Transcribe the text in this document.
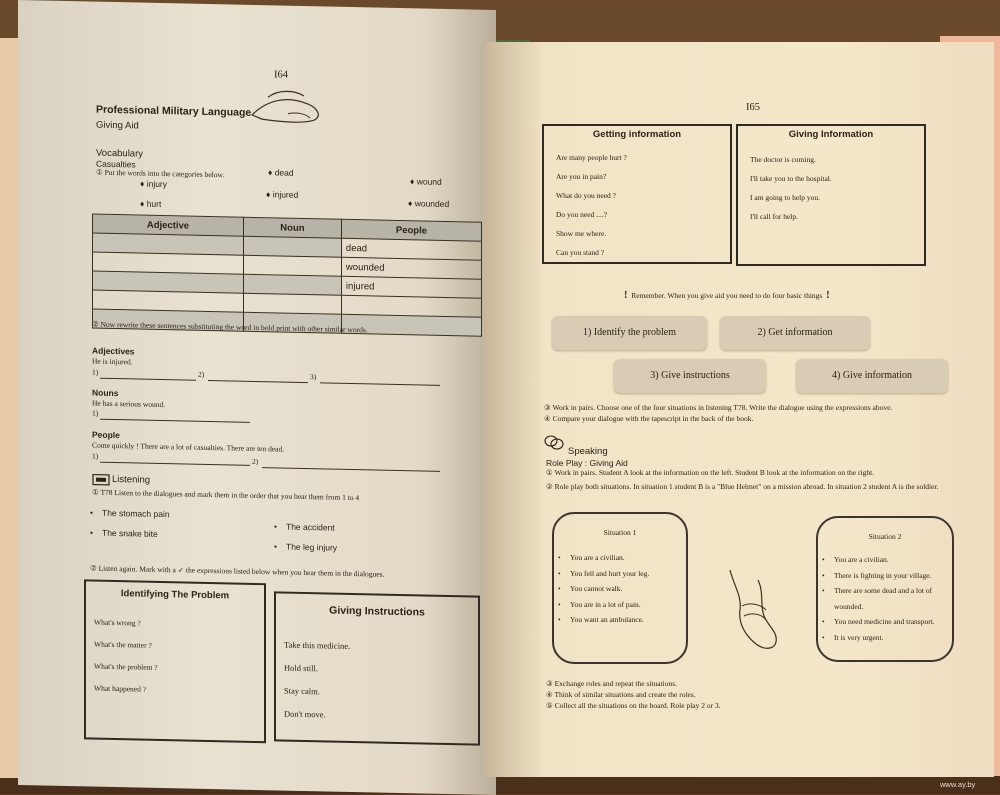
I64
Professional Military Language
Giving Aid
Vocabulary
Casualties
① Put the words into the categories below.
♦ injury
♦ hurt
♦ dead
♦ injured
♦ wound
♦ wounded
Adjective	Noun	People
		dead
		wounded
		injured

② Now rewrite these sentences substituting the word in bold print with other similar words.
Adjectives
He is injured.
1)	2)	3)
Nouns
He has a serious wound.
1)
People
Come quickly ! There are a lot of casualties. There are ten dead.
1)
2)
Listening
① T78 Listen to the dialogues and mark them in the order that you hear them from 1 to 4
• The stomach pain
• The snake bite
• The accident
• The leg injury
② Listen again. Mark with a ✓ the expressions listed below when you hear them in the dialogues.
Identifying The Problem
What's wrong ?
What's the matter ?
What's the problem ?
What happened ?
Giving Instructions
Take this medicine.
Hold still.
Stay calm.
Don't move.
I65
Getting information
Are many people hurt ?
Are you in pain?
What do you need ?
Do you need ....?
Show me where.
Can you stand ?
Giving Information
The doctor is coming.
I'll take you to the hospital.
I am going to help you.
I'll call for help.
! Remember. When you give aid you need to do four basic things !
1) Identify the problem	2) Get information
3) Give instructions	4) Give information
③ Work in pairs. Choose one of the four situations in listening T78. Write the dialogue using the expressions above.
④ Compare your dialogue with the tapescript in the back of the book.
Speaking
Role Play : Giving Aid
① Work in pairs. Student A look at the information on the left. Student B look at the information on the right.
② Role play both situations. In situation 1 student B is a "Blue Helmet" on a mission abroad. In situation 2 student A is the soldier.
Situation 1
• You are a civilian.
• You fell and hurt your leg.
• You cannot walk.
• You are in a lot of pain.
• You want an ambulance.
Situation 2
• You are a civilian.
• There is fighting in your village.
• There are some dead and a lot of wounded.
• You need medicine and transport.
• It is very urgent.
③ Exchange roles and repeat the situations.
④ Think of similar situations and create the roles.
⑤ Collect all the situations on the board. Role play 2 or 3.
www.ay.by
